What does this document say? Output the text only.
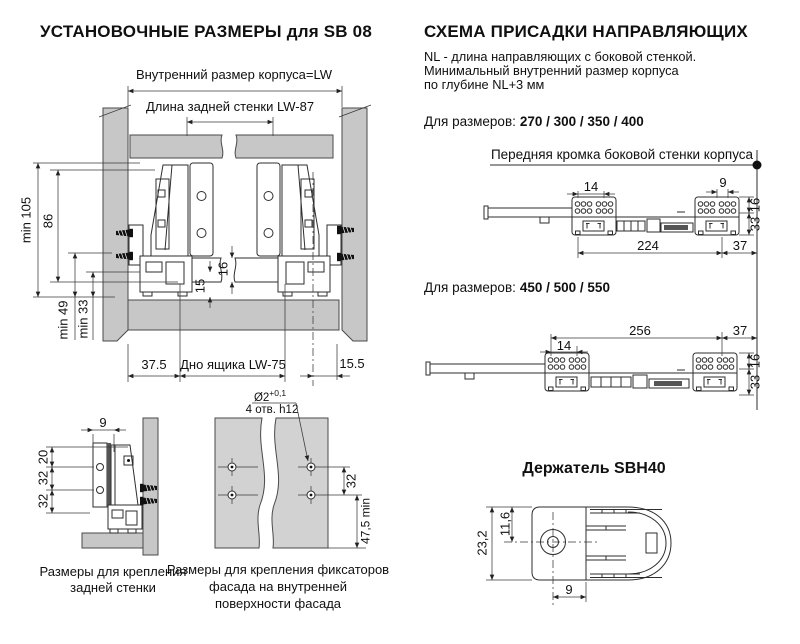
УСТАНОВОЧНЫЕ РАЗМЕРЫ для SB 08
Внутренний размер корпуса=LW
Длина задней стенки LW-87
min 105 86
min 49 min 33
37.5 Дно ящика LW-75	15.5
16
15
9
20
32
32
Размеры для крепления
задней стенки
$Ø2^{+0,1}$
4 отв. h12
32
47,5 min
Размеры для крепления фиксаторов
фасада на внутренней
поверхности фасада
СХЕМА ПРИСАДКИ НАПРАВЛЯЮЩИХ
NL - длина направляющих с боковой стенкой.
Минимальный внутренний размер корпуса
по глубине NL+3 мм
Для размеров: 270 / 300 / 350 / 400
Передняя кромка боковой стенки корпуса
14	9
16
33
224	37
Для размеров: 450 / 500 / 550
256	37
14
16
33
Держатель SBH40
23,2
11,6
9
